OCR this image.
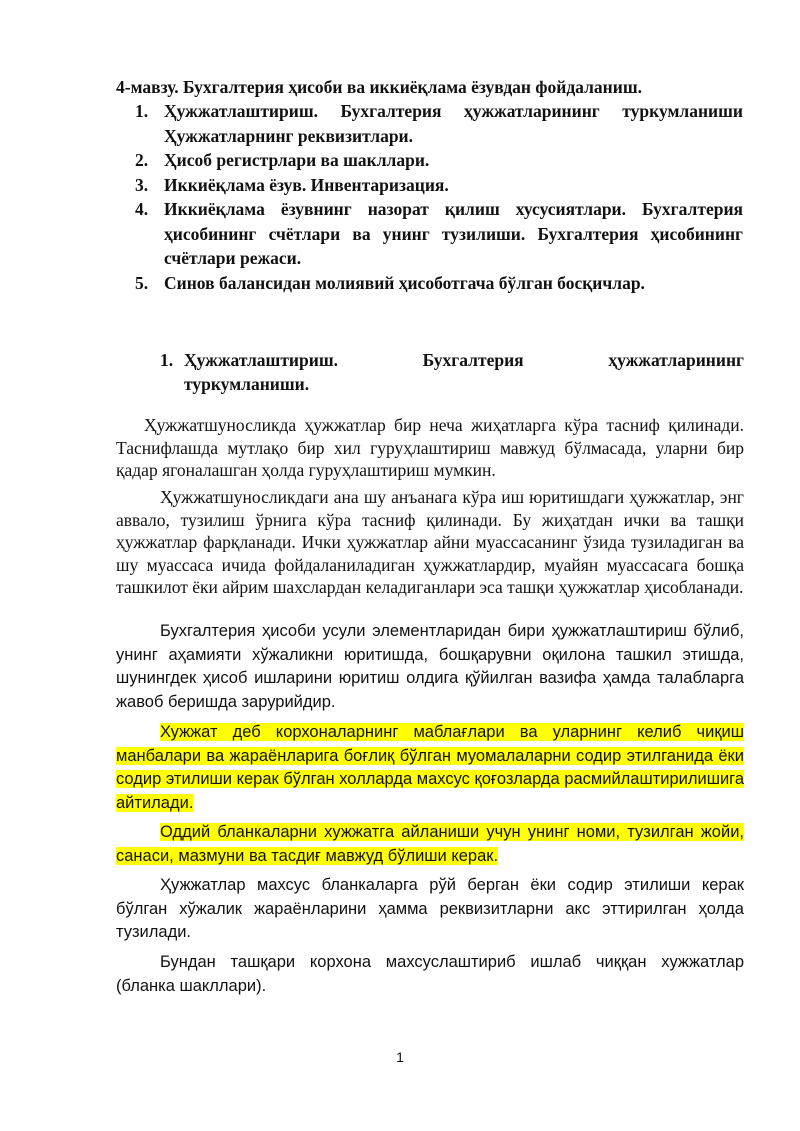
4-мавзу. Бухгалтерия ҳисоби ва иккиёқлама ёзувдан фойдаланиш.
1. Ҳужжатлаштириш. Бухгалтерия ҳужжатларининг туркумланиши Ҳужжатларнинг реквизитлари.
2. Ҳисоб регистрлари ва шакллари.
3. Иккиёқлама ёзув. Инвентаризация.
4. Иккиёқлама ёзувнинг назорат қилиш хусусиятлари. Бухгалтерия ҳисобининг счётлари ва унинг тузилиши. Бухгалтерия ҳисобининг счётлари режаси.
5. Синов балансидан молиявий ҳисоботгача бўлган босқичлар.
1. Ҳужжатлаштириш.	Бухгалтерия	ҳужжатларининг
туркумланиши.

Ҳужжатшуносликда ҳужжатлар бир неча жиҳатларга кўра тасниф қилинади. Таснифлашда мутлақо бир хил гуруҳлаштириш мавжуд бўлмасада, уларни бир қадар ягоналашган ҳолда гуруҳлаштириш мумкин.

Ҳужжатшуносликдаги ана шу анъанага кўра иш юритишдаги ҳужжатлар, энг аввало, тузилиш ўрнига кўра тасниф қилинади. Бу жиҳатдан ички ва ташқи ҳужжатлар фарқланади. Ички ҳужжатлар айни муассасанинг ўзида тузиладиган ва шу муассаса ичида фойдаланиладиган ҳужжатлардир, муайян муассасага бошқа ташкилот ёки айрим шахслардан келадиганлари эса ташқи ҳужжатлар ҳисобланади.

Бухгалтерия ҳисоби усули элементларидан бири ҳужжатлаштириш бўлиб, унинг аҳамияти хўжаликни юритишда, бошқарувни оқилона ташкил этишда, шунингдек ҳисоб ишларини юритиш олдига қўйилган вазифа ҳамда талабларга жавоб беришда зарурийдир.

Хужжат деб корхоналарнинг маблағлари ва уларнинг келиб чиқиш манбалари ва жараёнларига боғлиқ бўлган муомалаларни содир этилганида ёки содир этилиши керак бўлган холларда махсус қоғозларда расмийлаштирилишига айтилади.

Оддий бланкаларни хужжатга айланиши учун унинг номи, тузилган жойи, санаси, мазмуни ва тасдиғ мавжуд бўлиши керак.

Ҳужжатлар махсус бланкаларга рўй берган ёки содир этилиши керак бўлган хўжалик жараёнларини ҳамма реквизитларни акс эттирилган ҳолда тузилади.

Бундан ташқари корхона махсуслаштириб ишлаб чиққан хужжатлар (бланка шакллари).

1
